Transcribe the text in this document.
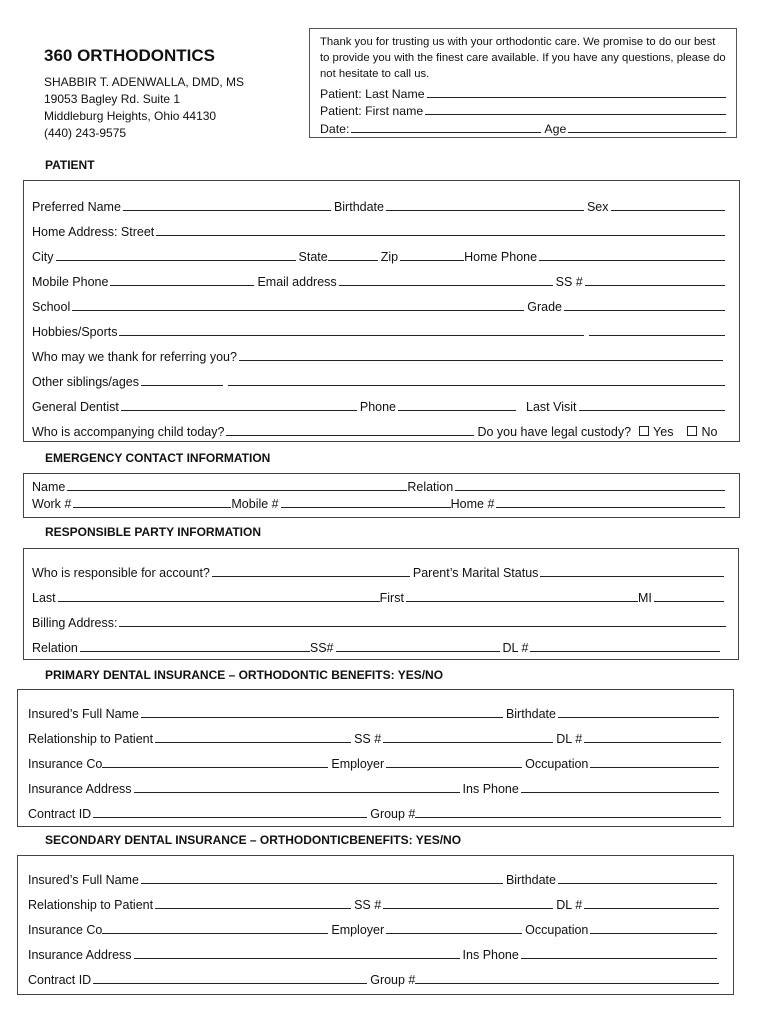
360 ORTHODONTICS
SHABBIR T. ADENWALLA, DMD, MS
19053 Bagley Rd. Suite 1
Middleburg Heights, Ohio 44130
(440) 243-9575
Thank you for trusting us with your orthodontic care. We promise to do our best to provide you with the finest care available. If you have any questions, please do not hesitate to call us.
Patient: Last Name
Patient: First name
Date:	Age
PATIENT
Preferred Name	Birthdate	Sex
Home Address: Street
City	State	Zip	Home Phone
Mobile Phone	Email address	SS #
School	Grade
Hobbies/Sports
Who may we thank for referring you?
Other siblings/ages
General Dentist	Phone	Last Visit
Who is accompanying child today?	Do you have legal custody? Yes No
EMERGENCY CONTACT INFORMATION
Name	Relation
Work #	Mobile #	Home #
RESPONSIBLE PARTY INFORMATION
Who is responsible for account?	Parent’s Marital Status
Last	First	MI
Billing Address:
Relation	SS#	DL #
PRIMARY DENTAL INSURANCE – ORTHODONTIC BENEFITS: YES/NO
Insured’s Full Name	Birthdate
Relationship to Patient	SS #	DL #
Insurance Co	Employer	Occupation
Insurance Address	Ins Phone
Contract ID	Group #
SECONDARY DENTAL INSURANCE – ORTHODONTICBENEFITS: YES/NO
Insured’s Full Name	Birthdate
Relationship to Patient	SS #	DL #
Insurance Co	Employer	Occupation
Insurance Address	Ins Phone
Contract ID	Group #
